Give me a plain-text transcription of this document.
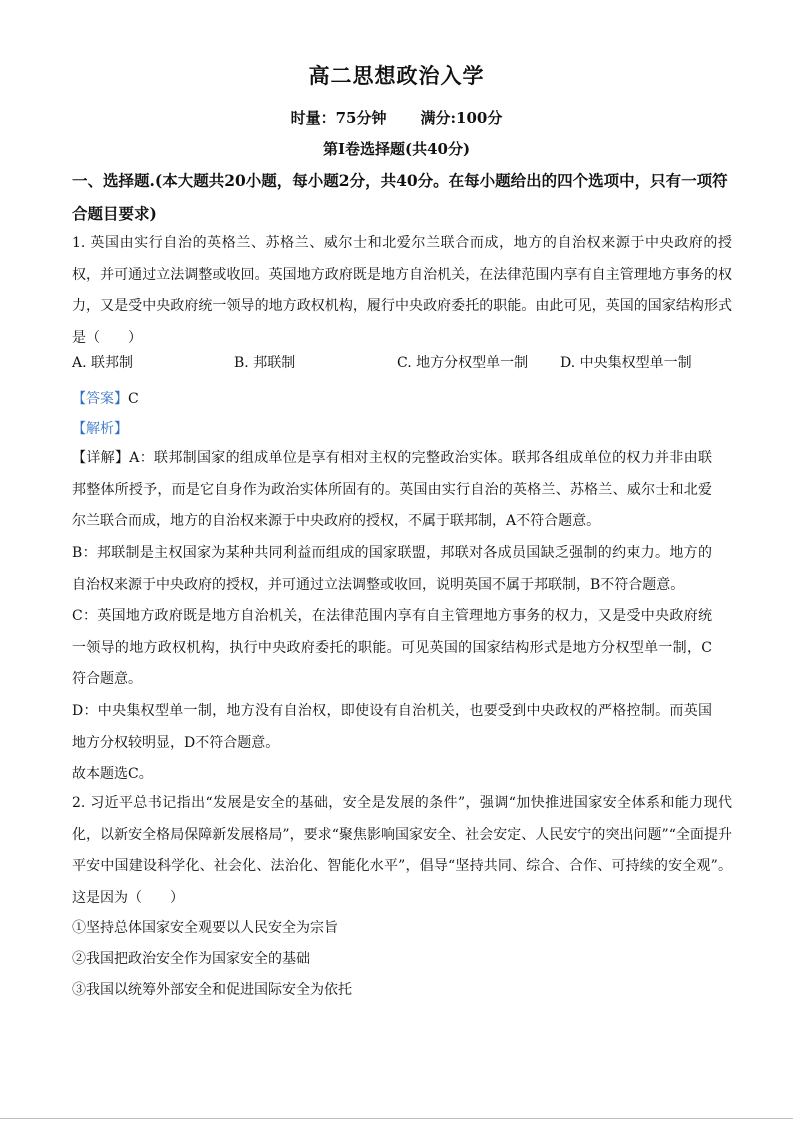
高二思想政治入学
时量：75分钟 满分:100分
第Ⅰ卷选择题(共40分)
一、选择题.(本大题共20小题，每小题2分，共40分。在每小题给出的四个选项中，只有一项符合题目要求)
1. 英国由实行自治的英格兰、苏格兰、威尔士和北爱尔兰联合而成，地方的自治权来源于中央政府的授权，并可通过立法调整或收回。英国地方政府既是地方自治机关，在法律范围内享有自主管理地方事务的权力，又是受中央政府统一领导的地方政权机构，履行中央政府委托的职能。由此可见，英国的国家结构形式是（　　）
A. 联邦制	B. 邦联制	C. 地方分权型单一制 D. 中央集权型单一制
【答案】C
【解析】
【详解】A：联邦制国家的组成单位是享有相对主权的完整政治实体。联邦各组成单位的权力并非由联邦整体所授予，而是它自身作为政治实体所固有的。英国由实行自治的英格兰、苏格兰、威尔士和北爱尔兰联合而成，地方的自治权来源于中央政府的授权，不属于联邦制，A不符合题意。
B：邦联制是主权国家为某种共同利益而组成的国家联盟，邦联对各成员国缺乏强制的约束力。地方的自治权来源于中央政府的授权，并可通过立法调整或收回，说明英国不属于邦联制，B不符合题意。
C：英国地方政府既是地方自治机关，在法律范围内享有自主管理地方事务的权力，又是受中央政府统一领导的地方政权机构，执行中央政府委托的职能。可见英国的国家结构形式是地方分权型单一制，C符合题意。
D：中央集权型单一制，地方没有自治权，即使设有自治机关，也要受到中央政权的严格控制。而英国地方分权较明显，D不符合题意。
故本题选C。
2. 习近平总书记指出“发展是安全的基础，安全是发展的条件”，强调“加快推进国家安全体系和能力现代化，以新安全格局保障新发展格局”，要求“聚焦影响国家安全、社会安定、人民安宁的突出问题”“全面提升平安中国建设科学化、社会化、法治化、智能化水平”，倡导“坚持共同、综合、合作、可持续的安全观”。这是因为（　　）
①坚持总体国家安全观要以人民安全为宗旨
②我国把政治安全作为国家安全的基础
③我国以统筹外部安全和促进国际安全为依托
